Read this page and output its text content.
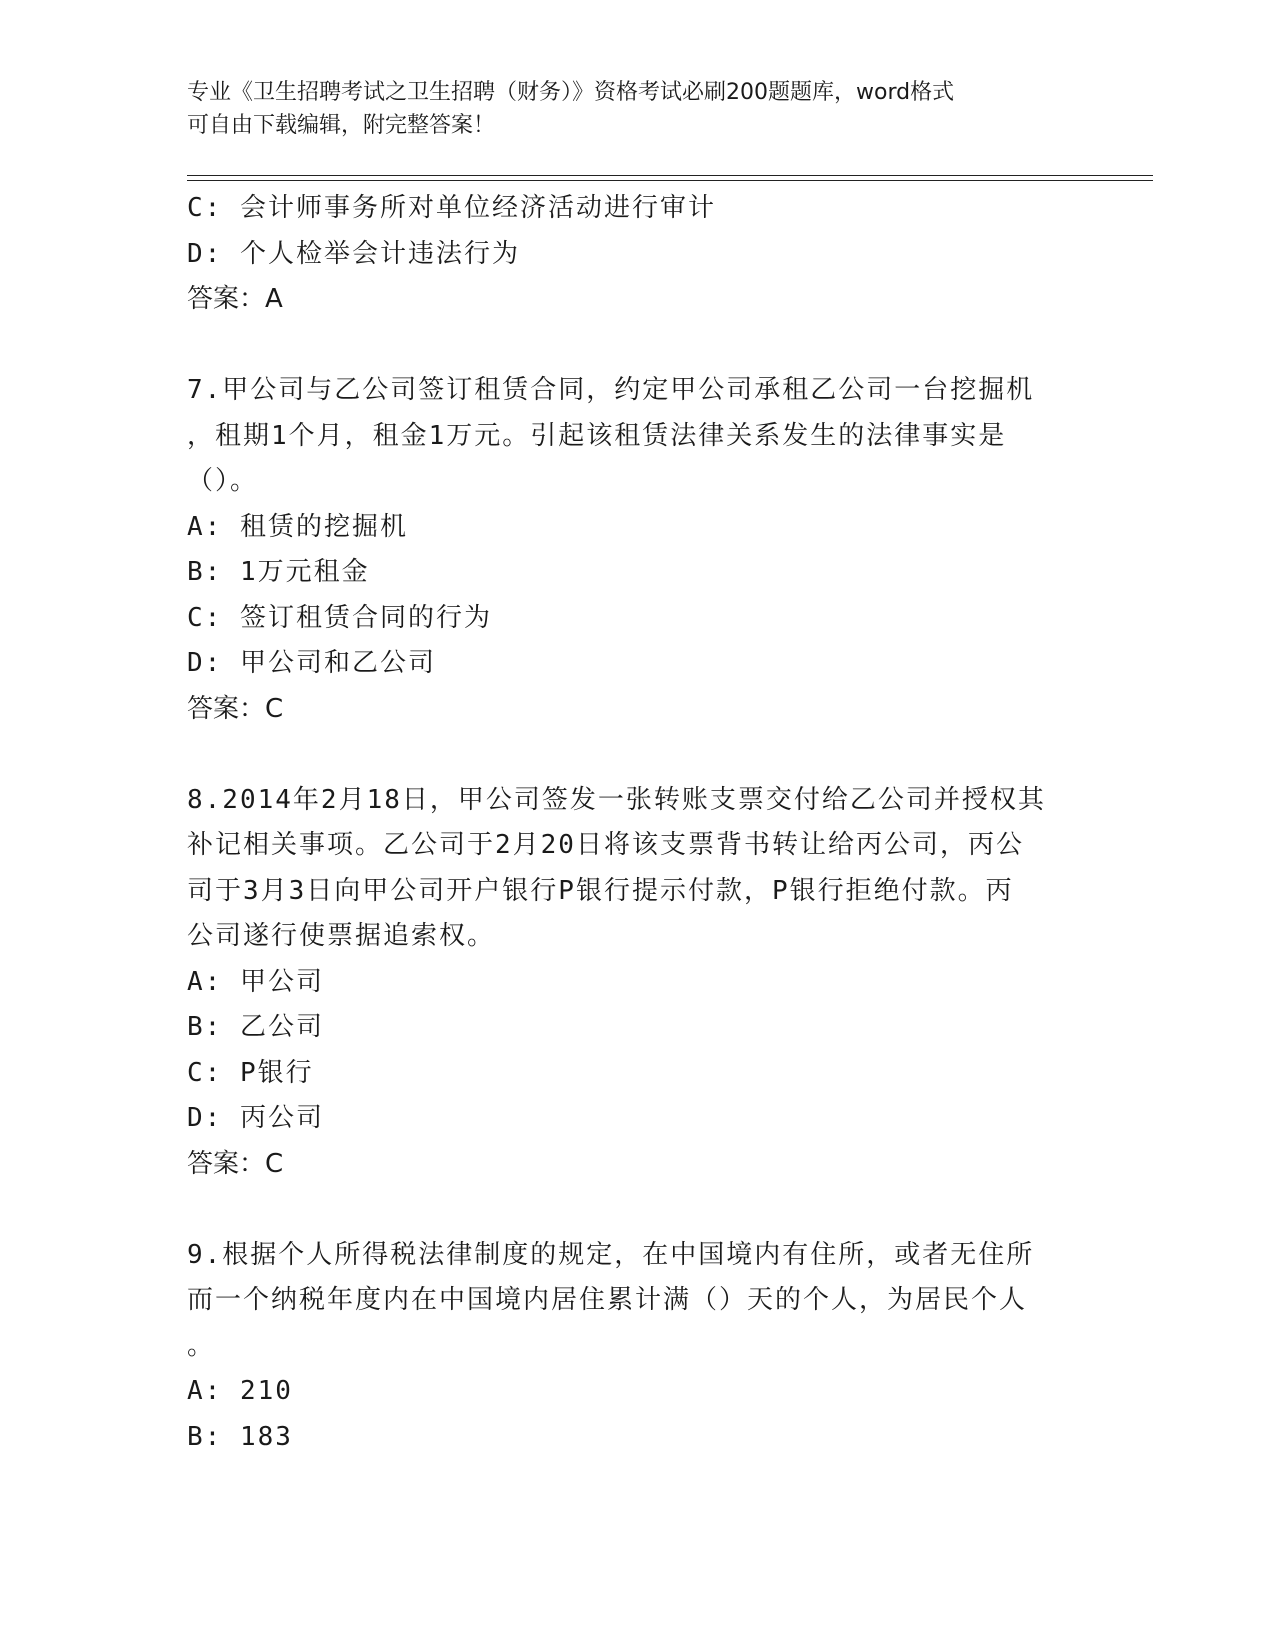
专业《卫生招聘考试之卫生招聘（财务）》资格考试必刷200题题库，word格式
可自由下载编辑，附完整答案！
C: 会计师事务所对单位经济活动进行审计
D: 个人检举会计违法行为
答案：A
7.甲公司与乙公司签订租赁合同，约定甲公司承租乙公司一台挖掘机
，租期1个月，租金1万元。引起该租赁法律关系发生的法律事实是
（）。
A: 租赁的挖掘机
B: 1万元租金
C: 签订租赁合同的行为
D: 甲公司和乙公司
答案：C
8.2014年2月18日，甲公司签发一张转账支票交付给乙公司并授权其
补记相关事项。乙公司于2月20日将该支票背书转让给丙公司，丙公
司于3月3日向甲公司开户银行P银行提示付款，P银行拒绝付款。丙
公司遂行使票据追索权。
A: 甲公司
B: 乙公司
C: P银行
D: 丙公司
答案：C
9.根据个人所得税法律制度的规定，在中国境内有住所，或者无住所
而一个纳税年度内在中国境内居住累计满（）天的个人，为居民个人
。
A: 210
B: 183
